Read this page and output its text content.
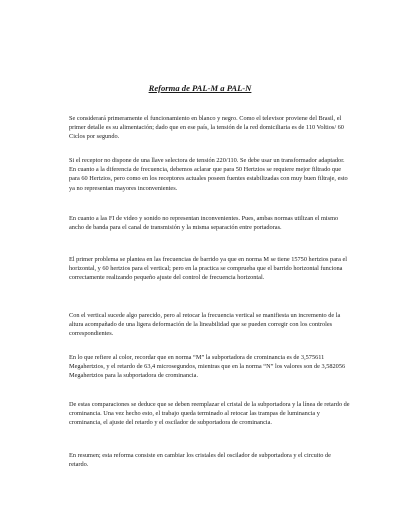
Reforma de PAL-M a PAL-N

Se considerará primeramente el funcionamiento en blanco y negro. Como el televisor proviene del Brasil, el primer detalle es su alimentación; dado que en ese país, la tensión de la red domiciliaria es de 110 Voltios/ 60 Ciclos por segundo.

Si el receptor no dispone de una llave selectora de tensión 220/110. Se debe usar un transformador adaptador. En cuanto a la diferencia de frecuencia, debemos aclarar que para 50 Hertzios se requiere mejor filtrado que para 60 Hertzios, pero como en los receptores actuales poseen fuentes estabilizadas con muy buen filtraje, esto ya no representan mayores inconvenientes.

En cuanto a las FI de video y sonido no representan inconvenientes. Pues, ambas normas utilizan el mismo ancho de banda para el canal de transmisión y la misma separación entre portadoras.

El primer problema se plantea en las frecuencias de barrido ya que en norma M se tiene 15750 hertzios para el horizontal, y 60 hertzios para el vertical; pero en la practica se comprueba que el barrido horizontal funciona correctamente realizando pequeño ajuste del control de frecuencia horizontal.

Con el vertical sucede algo parecido, pero al retocar la frecuencia vertical se manifiesta un incremento de la altura acompañado de una ligera deformación de la lineabilidad que se pueden corregir con los controles correspondientes.

En lo que refiere al color, recordar que en norma “M” la subportadora de crominancia es de 3,575611 Megahertzios, y el retardo de 63,4 microsegundos, mientras que en la norma “N” los valores son de 3,582056 Megahertzios para la subportadora de crominancia.

De estas comparaciones se deduce que se deben reemplazar el cristal de la subportadora y la línea de retardo de crominancia. Una vez hecho esto, el trabajo queda terminado al retocar las trampas de luminancia y crominancia, el ajuste del retardo y el oscilador de subportadora de crominancia.

En resumen; esta reforma consiste en cambiar los cristales del oscilador de subportadora y el circuito de retardo.
